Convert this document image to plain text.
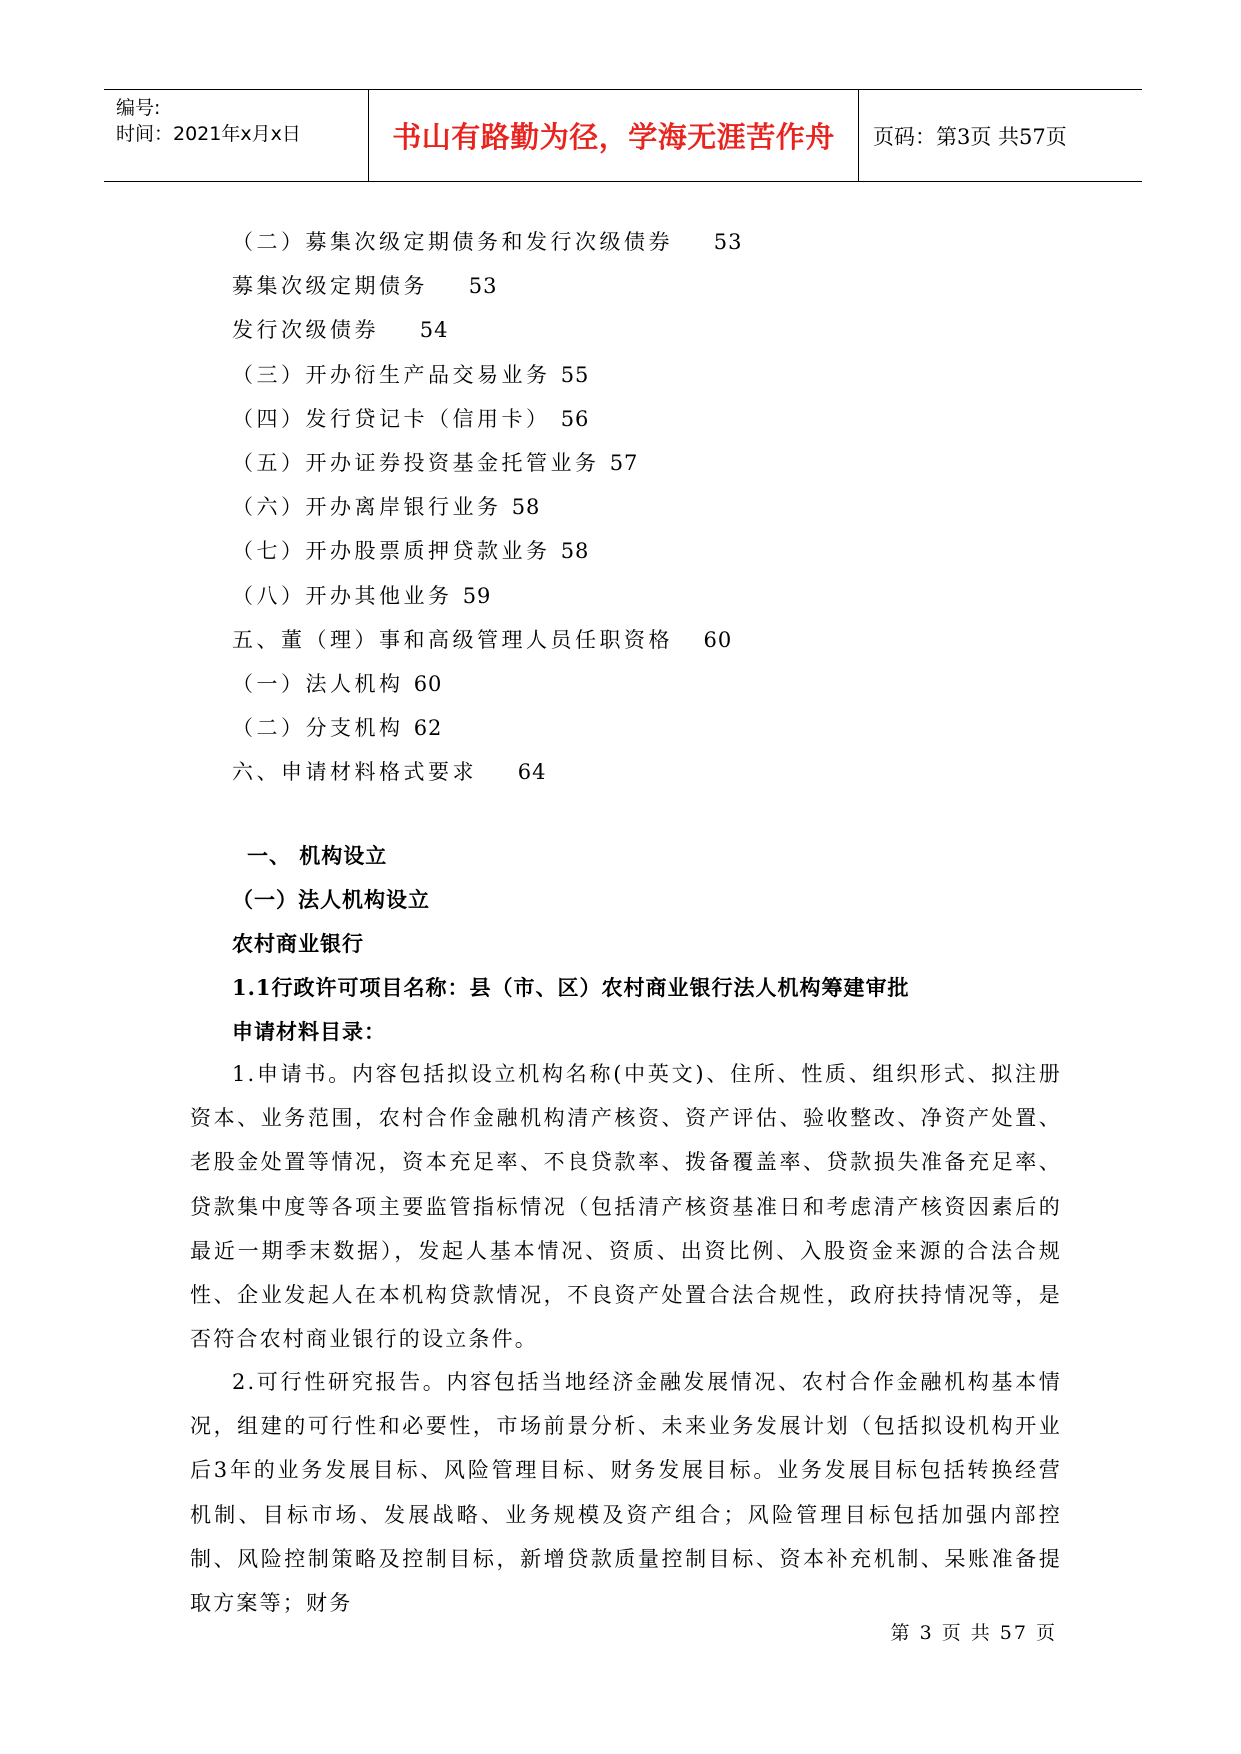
编号:
时间：2021年x月x日	书山有路勤为径，学海无涯苦作舟	页码：第3页 共57页
（二）募集次级定期债务和发行次级债券 53
募集次级定期债务 53
发行次级债券 54
（三）开办衍生产品交易业务 55
（四）发行贷记卡（信用卡） 56
（五）开办证券投资基金托管业务 57
（六）开办离岸银行业务 58
（七）开办股票质押贷款业务 58
（八）开办其他业务 59
五、董（理）事和高级管理人员任职资格 60
（一）法人机构 60
（二）分支机构 62
六、申请材料格式要求 64
一、 机构设立
（一）法人机构设立
农村商业银行
1.1行政许可项目名称：县（市、区）农村商业银行法人机构筹建审批
申请材料目录：
1.申请书。内容包括拟设立机构名称(中英文)、住所、性质、组织形式、拟注册资本、业务范围，农村合作金融机构清产核资、资产评估、验收整改、净资产处置、老股金处置等情况，资本充足率、不良贷款率、拨备覆盖率、贷款损失准备充足率、贷款集中度等各项主要监管指标情况（包括清产核资基准日和考虑清产核资因素后的最近一期季末数据），发起人基本情况、资质、出资比例、入股资金来源的合法合规性、企业发起人在本机构贷款情况，不良资产处置合法合规性，政府扶持情况等，是否符合农村商业银行的设立条件。
2.可行性研究报告。内容包括当地经济金融发展情况、农村合作金融机构基本情况，组建的可行性和必要性，市场前景分析、未来业务发展计划（包括拟设机构开业后3年的业务发展目标、风险管理目标、财务发展目标。业务发展目标包括转换经营机制、目标市场、发展战略、业务规模及资产组合；风险管理目标包括加强内部控制、风险控制策略及控制目标，新增贷款质量控制目标、资本补充机制、呆账准备提取方案等；财务
第 3 页 共 57 页
